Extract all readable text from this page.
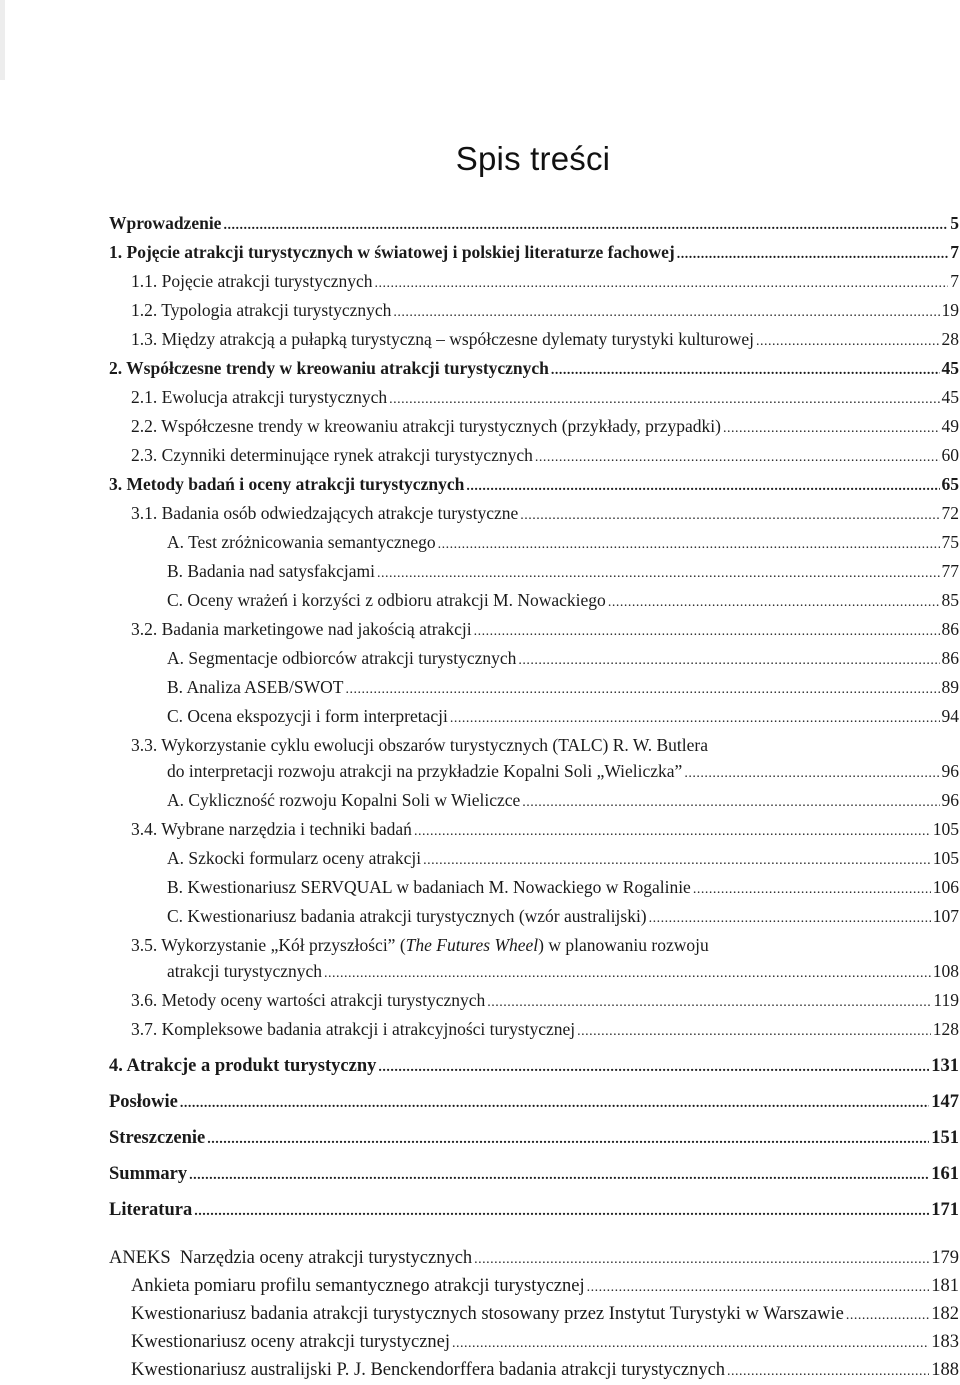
Spis treści
Wprowadzenie .....	5
1. Pojęcie atrakcji turystycznych w światowej i polskiej literaturze fachowej .....	7
1.1. Pojęcie atrakcji turystycznych .....	7
1.2. Typologia atrakcji turystycznych .....	19
1.3. Między atrakcją a pułapką turystyczną – współczesne dylematy turystyki kulturowej .....	28
2. Współczesne trendy w kreowaniu atrakcji turystycznych .....	45
2.1. Ewolucja atrakcji turystycznych .....	45
2.2. Współczesne trendy w kreowaniu atrakcji turystycznych (przykłady, przypadki) .....	49
2.3. Czynniki determinujące rynek atrakcji turystycznych .....	60
3. Metody badań i oceny atrakcji turystycznych .....	65
3.1. Badania osób odwiedzających atrakcje turystyczne .....	72
A. Test zróżnicowania semantycznego .....	75
B. Badania nad satysfakcjami .....	77
C. Oceny wrażeń i korzyści z odbioru atrakcji M. Nowackiego .....	85
3.2. Badania marketingowe nad jakością atrakcji .....	86
A. Segmentacje odbiorców atrakcji turystycznych .....	86
B. Analiza ASEB/SWOT .....	89
C. Ocena ekspozycji i form interpretacji .....	94
3.3. Wykorzystanie cyklu ewolucji obszarów turystycznych (TALC) R. W. Butlera
do interpretacji rozwoju atrakcji na przykładzie Kopalni Soli „Wieliczka” .....	96
A. Cykliczność rozwoju Kopalni Soli w Wieliczce .....	96
3.4. Wybrane narzędzia i techniki badań .....	105
A. Szkocki formularz oceny atrakcji .....	105
B. Kwestionariusz SERVQUAL w badaniach M. Nowackiego w Rogalinie .....	106
C. Kwestionariusz badania atrakcji turystycznych (wzór australijski) .....	107
3.5. Wykorzystanie „Kół przyszłości” (The Futures Wheel) w planowaniu rozwoju
atrakcji turystycznych .....	108
3.6. Metody oceny wartości atrakcji turystycznych .....	119
3.7. Kompleksowe badania atrakcji i atrakcyjności turystycznej .....	128
4. Atrakcje a produkt turystyczny .....	131
Posłowie .....	147
Streszczenie .....	151
Summary .....	161
Literatura .....	171
ANEKS  Narzędzia oceny atrakcji turystycznych .....	179
Ankieta pomiaru profilu semantycznego atrakcji turystycznej .....	181
Kwestionariusz badania atrakcji turystycznych stosowany przez Instytut Turystyki w Warszawie .....	182
Kwestionariusz oceny atrakcji turystycznej .....	183
Kwestionariusz australijski P. J. Benckendorffera badania atrakcji turystycznych .....	188
